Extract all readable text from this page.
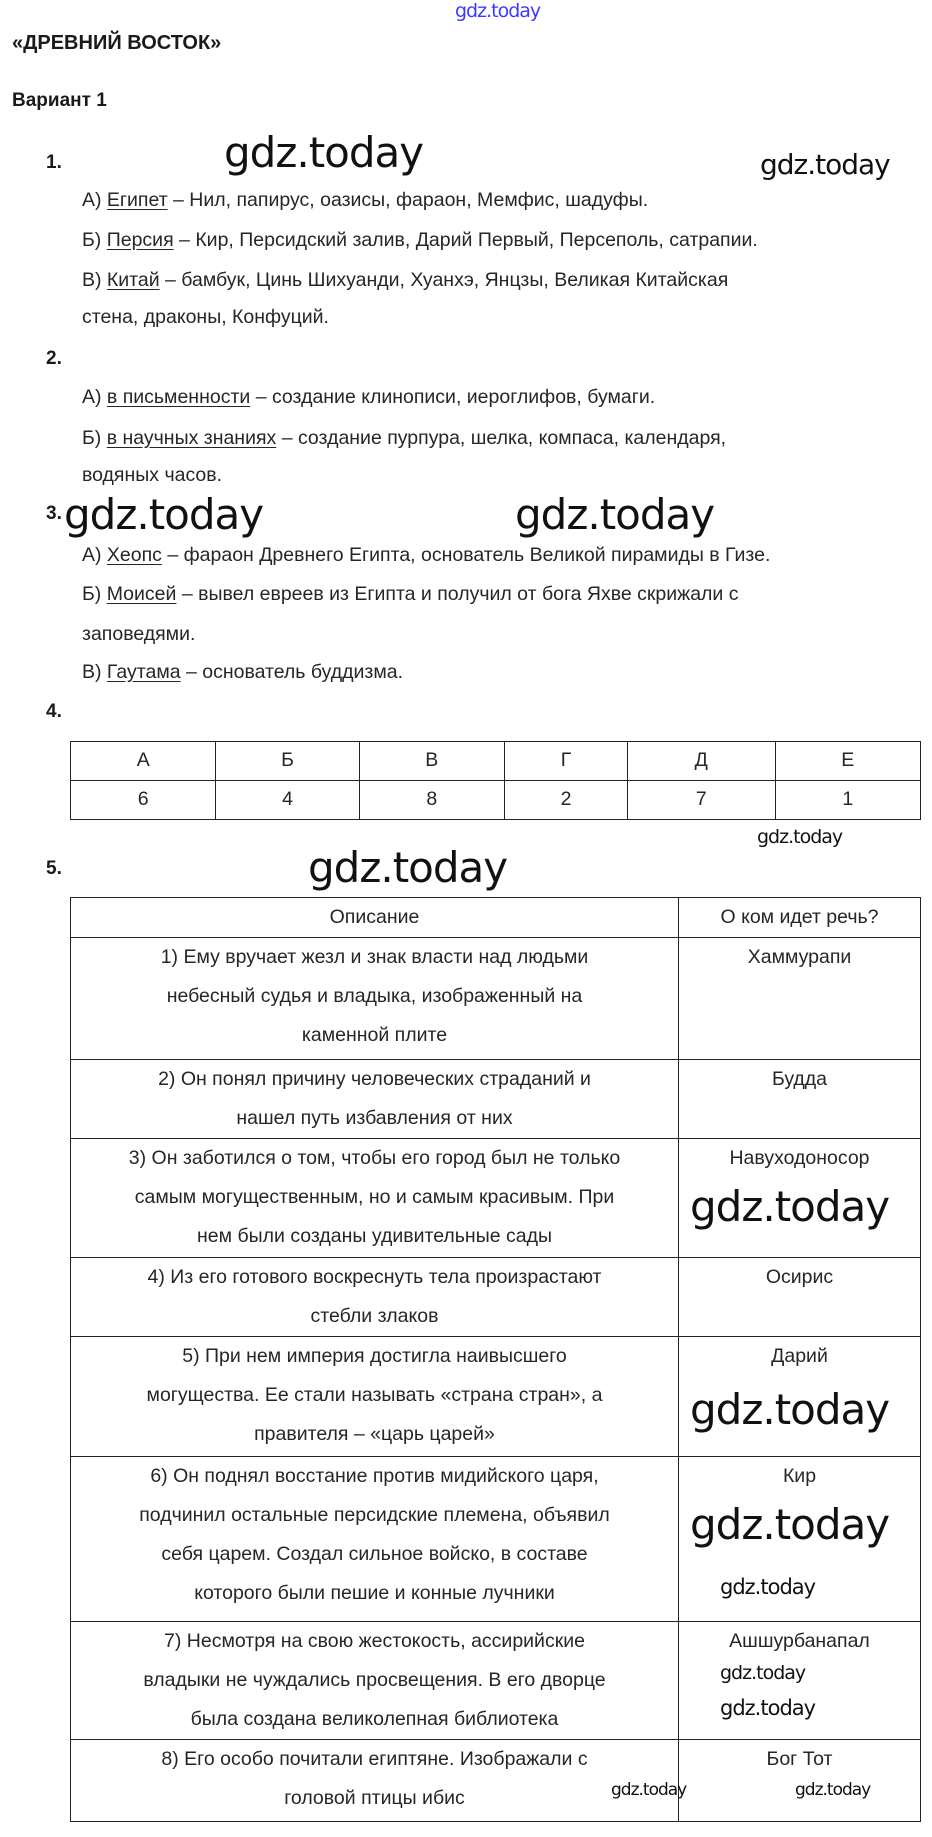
gdz.today
«ДРЕВНИЙ ВОСТОК»
Вариант 1
1.
А) Египет – Нил, папирус, оазисы, фараон, Мемфис, шадуфы.
Б) Персия – Кир, Персидский залив, Дарий Первый, Персеполь, сатрапии.
В) Китай – бамбук, Цинь Шихуанди, Хуанхэ, Янцзы, Великая Китайская
стена, драконы, Конфуций.
2.
А) в письменности – создание клинописи, иероглифов, бумаги.
Б) в научных знаниях – создание пурпура, шелка, компаса, календаря,
водяных часов.
3.
А) Хеопс – фараон Древнего Египта, основатель Великой пирамиды в Гизе.
Б) Моисей – вывел евреев из Египта и получил от бога Яхве скрижали с
заповедями.
В) Гаутама – основатель буддизма.
4.
А	Б	В	Г	Д	Е
6	4	8	2	7	1
5.
Описание	О ком идет речь?

1) Ему вручает жезл и знак власти над людьми
небесный судья и владыка, изображенный на
каменной плите	Хаммурапи

2) Он понял причину человеческих страданий и
нашел путь избавления от них	Будда

3) Он заботился о том, чтобы его город был не только
самым могущественным, но и самым красивым. При
нем были созданы удивительные сады	Навуходоносор

4) Из его готового воскреснуть тела произрастают
стебли злаков	Осирис

5) При нем империя достигла наивысшего
могущества. Ее стали называть «страна стран», а
правителя – «царь царей»	Дарий

6) Он поднял восстание против мидийского царя,
подчинил остальные персидские племена, объявил
себя царем. Создал сильное войско, в составе
которого были пешие и конные лучники	Кир

7) Несмотря на свою жестокость, ассирийские
владыки не чуждались просвещения. В его дворце
была создана великолепная библиотека	Ашшурбанапал

8) Его особо почитали египтяне. Изображали с
головой птицы ибис	Бог Тот
gdz.today	gdz.today
gdz.today	gdz.today
gdz.today
gdz.today
gdz.today
gdz.today
gdz.today
gdz.today
gdz.today
gdz.today
gdz.today	gdz.today
